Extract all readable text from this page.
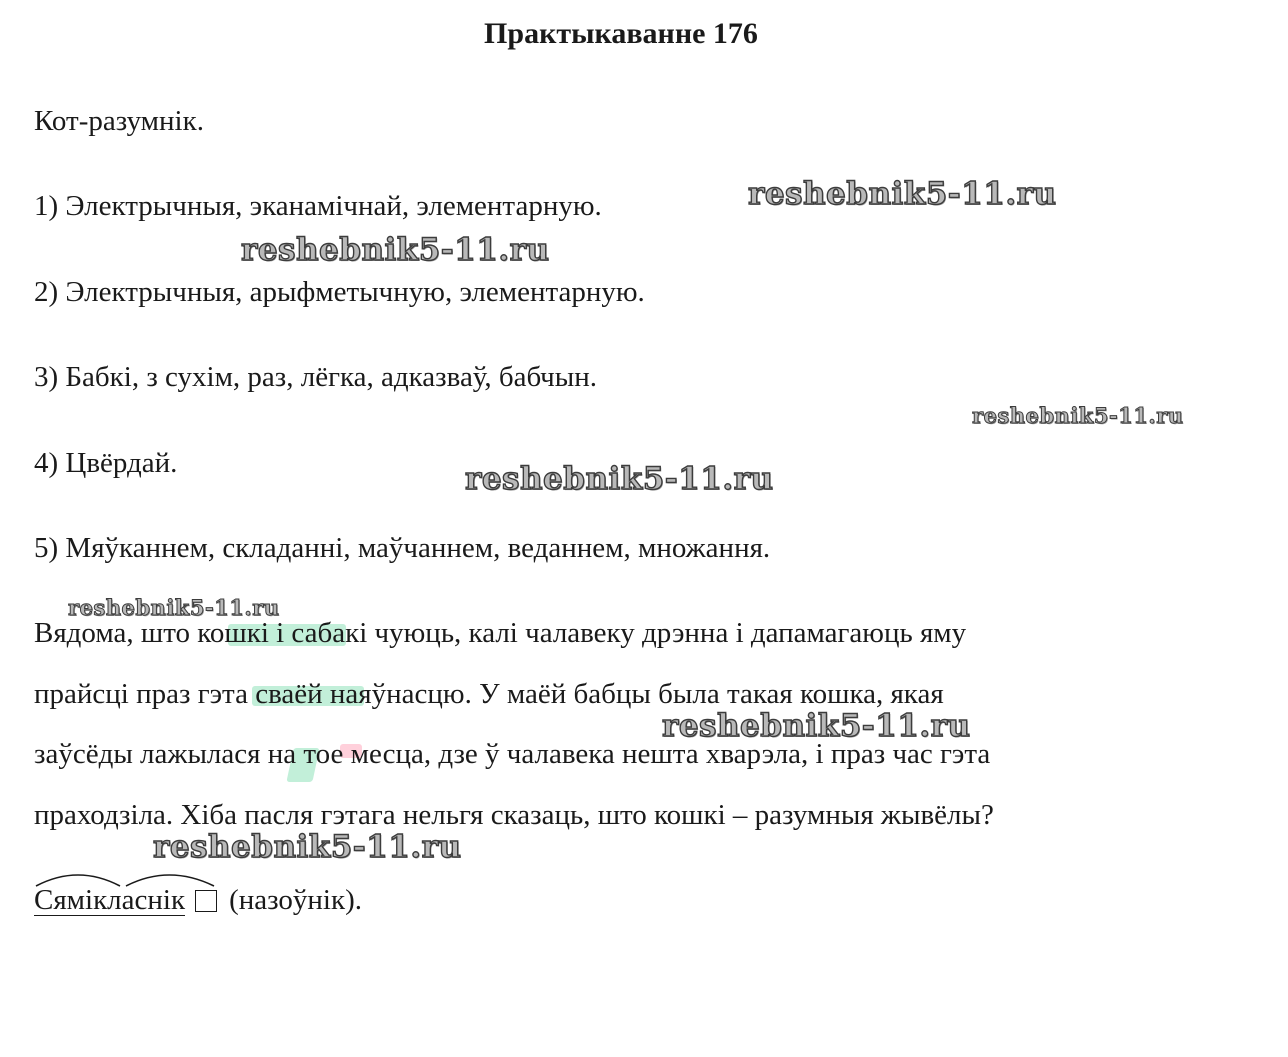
Практыкаванне 176
Кот-разумнік.
1) Электрычныя, эканамічнай, элементарную.
2) Электрычныя, арыфметычную, элементарную.
3) Бабкі, з сухім, раз, лёгка, адказваў, бабчын.
4) Цвёрдай.
5) Мяўканнем, складанні, маўчаннем, веданнем, множання.
Вядома, што кошкі і сабакі чуюць, калі чалавеку дрэнна і дапамагаюць яму
прайсці праз гэта сваёй наяўнасцю. У маёй бабцы была такая кошка, якая
заўсёды лажылася на тое месца, дзе ў чалавека нешта хварэла, і праз час гэта
праходзіла. Хіба пасля гэтага нельгя сказаць, што кошкі – разумныя жывёлы?
Сямікласнік (назоўнік).
reshebnik5-11.ru
reshebnik5-11.ru
reshebnik5-11.ru
reshebnik5-11.ru
reshebnik5-11.ru
reshebnik5-11.ru
reshebnik5-11.ru
